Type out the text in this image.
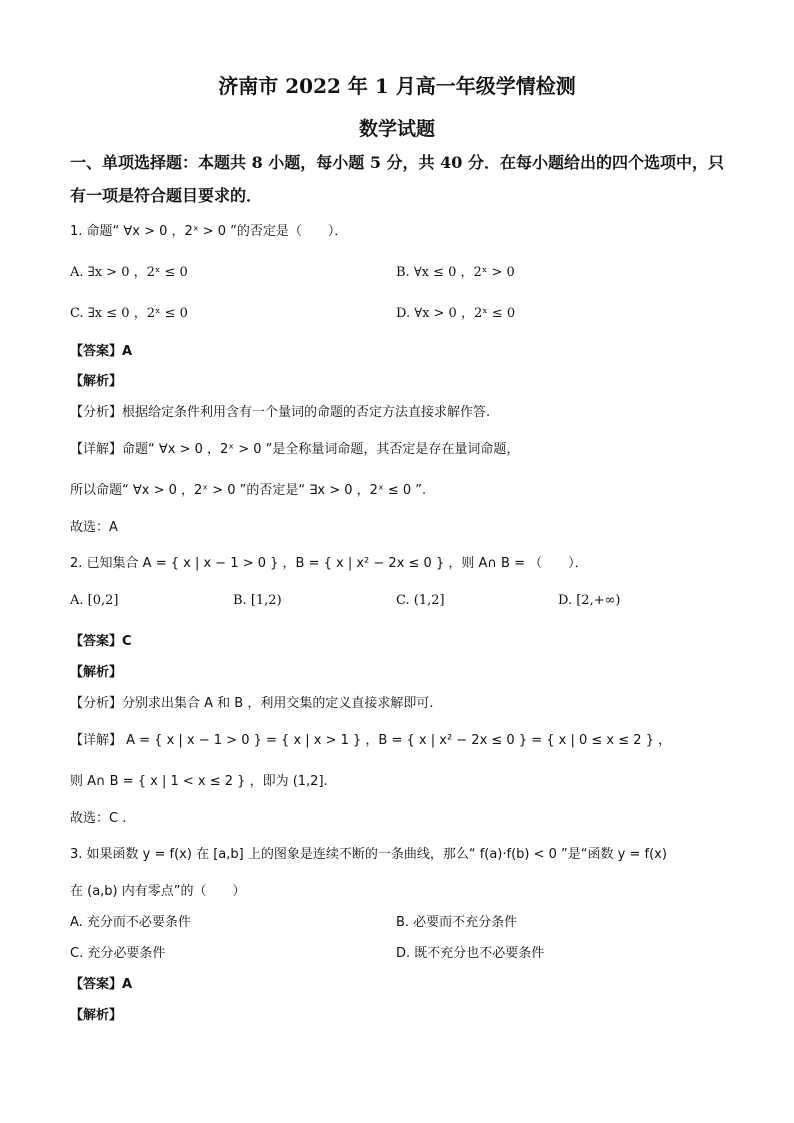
济南市 2022 年 1 月高一年级学情检测
数学试题
一、单项选择题：本题共 8 小题，每小题 5 分，共 40 分．在每小题给出的四个选项中，只
有一项是符合题目要求的．
1. 命题“ ∀x > 0 ，2ˣ > 0 ”的否定是（　　）．
A. ∃x > 0 ，2ˣ ≤ 0	B. ∀x ≤ 0 ，2ˣ > 0
C. ∃x ≤ 0 ，2ˣ ≤ 0	D. ∀x > 0 ，2ˣ ≤ 0
【答案】A
【解析】
【分析】根据给定条件利用含有一个量词的命题的否定方法直接求解作答.
【详解】命题“ ∀x > 0 ，2ˣ > 0 ”是全称量词命题，其否定是存在量词命题，
所以命题“ ∀x > 0 ，2ˣ > 0 ”的否定是“ ∃x > 0 ，2ˣ ≤ 0 ”.
故选：A
2. 已知集合 A = { x | x − 1 > 0 } ，B = { x | x² − 2x ≤ 0 } ，则 A∩ B = （　　）．
A. [0,2]	B. [1,2)	C. (1,2]	D. [2,+∞)
【答案】C
【解析】
【分析】分别求出集合 A 和 B ，利用交集的定义直接求解即可.
【详解】 A = { x | x − 1 > 0 } = { x | x > 1 } ，B = { x | x² − 2x ≤ 0 } = { x | 0 ≤ x ≤ 2 } ，
则 A∩ B = { x | 1 < x ≤ 2 } ，即为 (1,2].
故选：C .
3. 如果函数 y = f(x) 在 [a,b] 上的图象是连续不断的一条曲线，那么“ f(a)·f(b) < 0 ”是“函数 y = f(x)
在 (a,b) 内有零点”的（　　）
A. 充分而不必要条件	B. 必要而不充分条件
C. 充分必要条件	D. 既不充分也不必要条件
【答案】A
【解析】
